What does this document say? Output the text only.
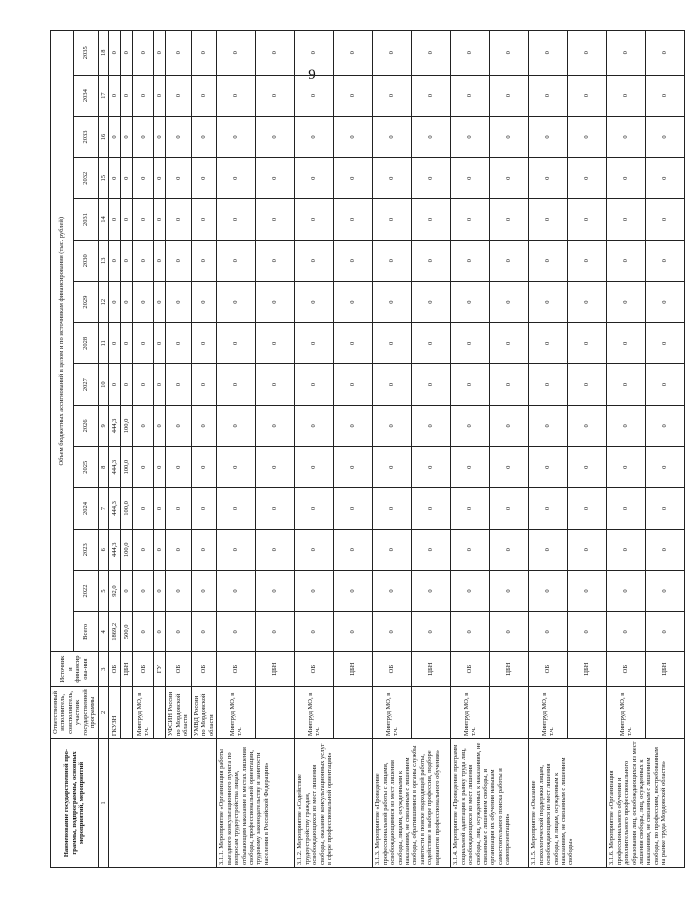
9
Наименование государственной про-граммы, подпрограммы, основных мероприятий, мероприятий	Ответственный исполнитель, соисполнитель, участник государственной программы	Источники финансирова-ния	Объем бюджетных ассигнований в целом и по источникам финансирования (тыс. рублей)														
			Всего	2022	2023	2024	2025	2026	2027	2028	2029	2030	2031	2032	2033	2034	2035
1	2	3	4	5	6	7	8	9	10	11	12	13	14	15	16	17	18
	ГКУЗН	ОБ	1869,2	92,0	444,3	444,3	444,3	444,3	0	0	0	0	0	0	0	0	0
		ЦБН	500,0	0	100,0	100,0	100,0	100,0	0	0	0	0	0	0	0	0	0
	Минтруд МО, в т.ч.	ОБ	0	0	0	0	0	0	0	0	0	0	0	0	0	0	0
		ГУ	0	0	0	0	0	0	0	0	0	0	0	0	0	0	0
	УФСИН России по Мордовской области	ОБ	0	0	0	0	0	0	0	0	0	0	0	0	0	0	0
	УМВД России по Мордовской области	ОБ	0	0	0	0	0	0	0	0	0	0	0	0	0	0	0
3.1.1. Мероприятие «Организация работы выездного консультационного пункта по вопросам трудоустройства лицам, отбывающим наказание в местах лишения свободы, профессиональной ориентации, трудовому законодательству и занятости населения в Российской Федерации»	Минтруд МО, в т.ч.	ОБ	0	0	0	0	0	0	0	0	0	0	0	0	0	0	0
		ЦБН	0	0	0	0	0	0	0	0	0	0	0	0	0	0	0
3.1.2. Мероприятие «Содействие трудоустройству граждан, освобождающихся из мест лишения свободы, оказание консультационных услуг в сфере профессиональной ориентации»	Минтруд МО, в т.ч.	ОБ	0	0	0	0	0	0	0	0	0	0	0	0	0	0	0
		ЦБН	0	0	0	0	0	0	0	0	0	0	0	0	0	0	0
3.1.3. Мероприятие «Проведение профессиональной работы с лицами, освобождающимися из мест лишения свободы, лицами, осужденными к наказаниям, не связанным с лишением свободы, обратившимися в органы службы занятости в поиске подходящей работы, содействие в выборе профессии, подборе вариантов профессионального обучения»	Минтруд МО, в т.ч.	ОБ	0	0	0	0	0	0	0	0	0	0	0	0	0	0	0
		ЦБН	0	0	0	0	0	0	0	0	0	0	0	0	0	0	0
3.1.4. Мероприятие «Проведение программ социальной адаптации к рынку труда лиц, освобождающихся из мест лишения свободы, лиц, осужденных к наказаниям, не связанным с лишением свободы, и организация их обучения навыкам самостоятельного поиска работы и самопрезентации»	Минтруд МО, в т.ч.	ОБ	0	0	0	0	0	0	0	0	0	0	0	0	0	0	0
		ЦБН	0	0	0	0	0	0	0	0	0	0	0	0	0	0	0
3.1.5. Мероприятие «Оказание психологической поддержки лицам, освобождающимся из мест лишения свободы, и лицам, осужденным к наказаниям, не связанным с лишением свободы»	Минтруд МО, в т.ч.	ОБ	0	0	0	0	0	0	0	0	0	0	0	0	0	0	0
		ЦБН	0	0	0	0	0	0	0	0	0	0	0	0	0	0	0
3.1.6. Мероприятие «Организация профессионального обучения и дополнительного профессионального образования лиц, освобождающихся из мест лишения свободы, лиц, осужденных к наказаниям, не связанным с лишением свободы, по профессиям, востребованным на рынке труда Мордовской области»	Минтруд МО, в т.ч.	ОБ	0	0	0	0	0	0	0	0	0	0	0	0	0	0	0
		ЦБН	0	0	0	0	0	0	0	0	0	0	0	0	0	0	0
